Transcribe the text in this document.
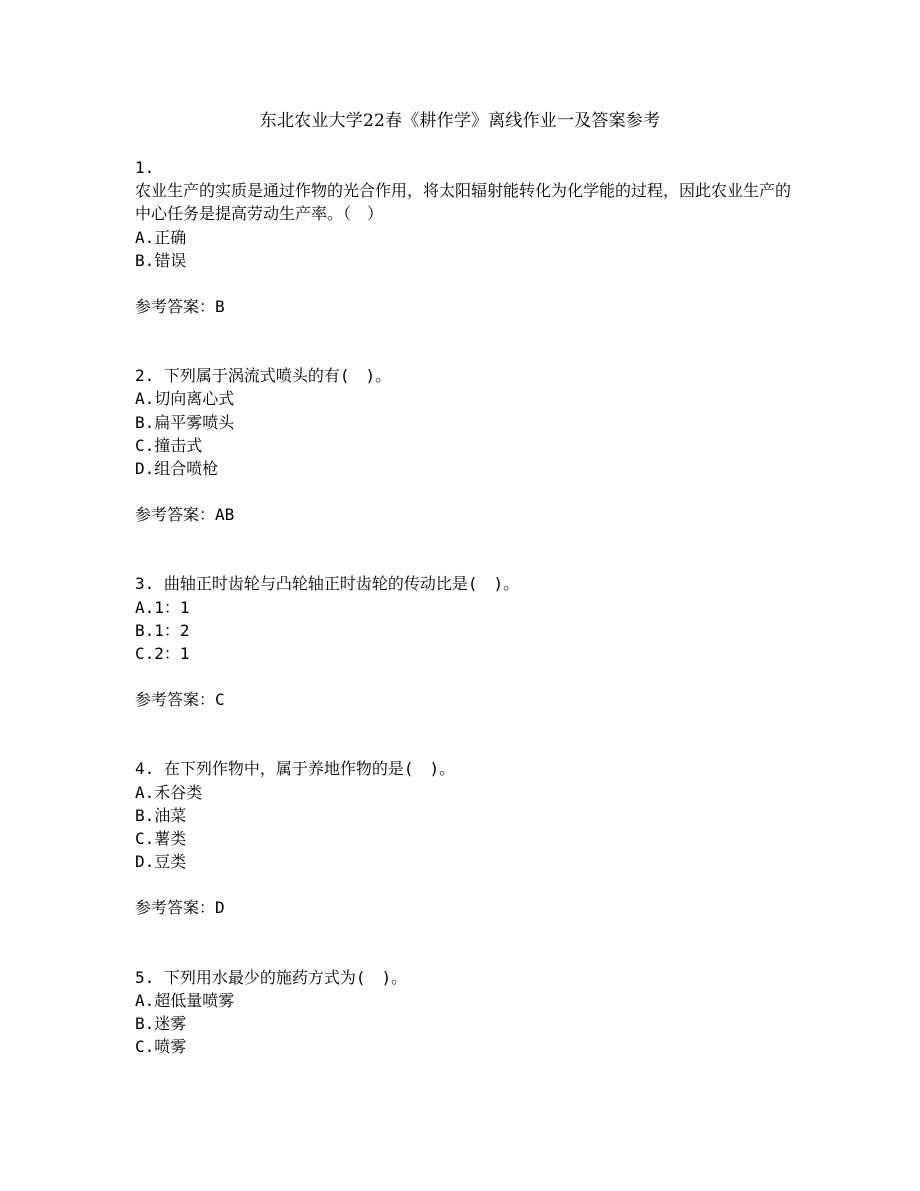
东北农业大学22春《耕作学》离线作业一及答案参考
1.
农业生产的实质是通过作物的光合作用，将太阳辐射能转化为化学能的过程，因此农业生产的中心任务是提高劳动生产率。（　）
A.正确
B.错误
参考答案：B
2. 下列属于涡流式喷头的有(　)。
A.切向离心式
B.扁平雾喷头
C.撞击式
D.组合喷枪
参考答案：AB
3. 曲轴正时齿轮与凸轮轴正时齿轮的传动比是(　)。
A.1：1
B.1：2
C.2：1
参考答案：C
4. 在下列作物中，属于养地作物的是(　)。
A.禾谷类
B.油菜
C.薯类
D.豆类
参考答案：D
5. 下列用水最少的施药方式为(　)。
A.超低量喷雾
B.迷雾
C.喷雾
